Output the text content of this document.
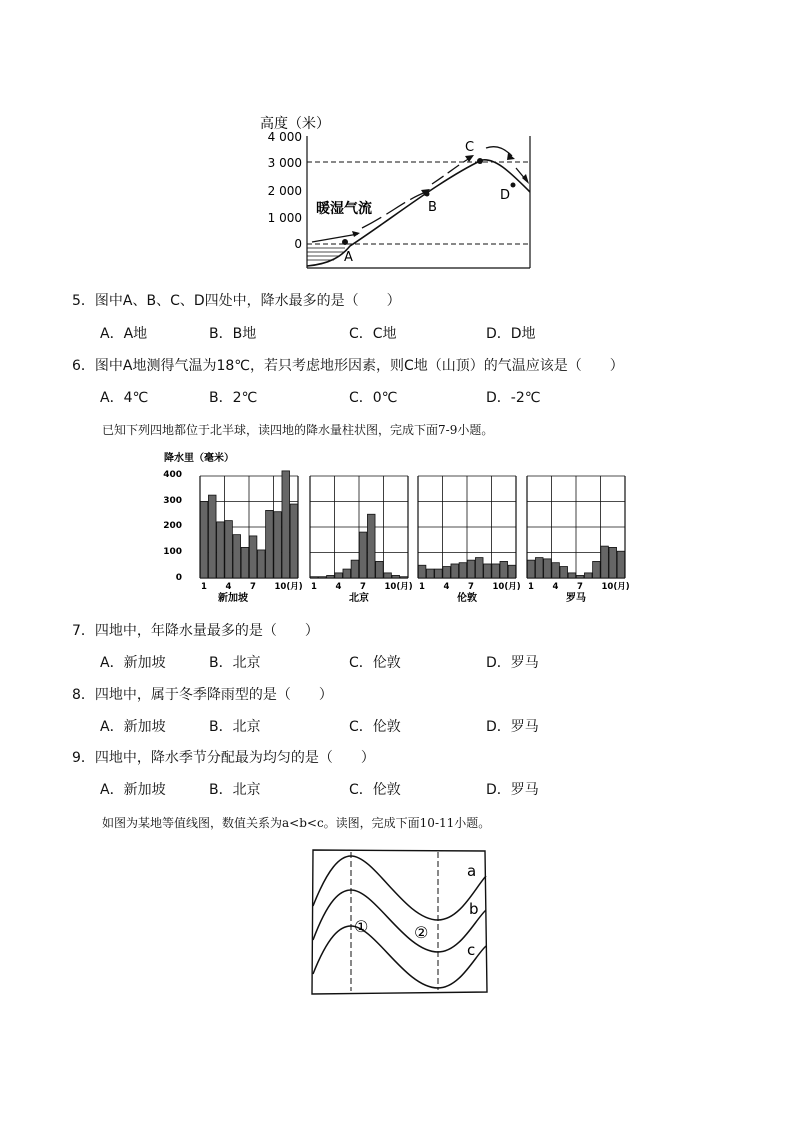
高度（米）
4 000
3 000
2 000
1 000
0
暖湿气流
A
B
C
D
5．图中A、B、C、D四处中，降水最多的是（　　）
A．A地	B．B地	C．C地	D．D地
6．图中A地测得气温为18℃，若只考虑地形因素，则C地（山顶）的气温应该是（　　）
A．4℃	B．2℃	C．0℃	D．-2℃
已知下列四地都位于北半球，读四地的降水量柱状图，完成下面7-9小题。
降水里（毫米）
400
300
200
100
0
1 4 7 10(月)
新加坡
1 4 7 10(月)
北京
1 4 7 10(月)
伦敦
1 4 7 10(月)
罗马
7．四地中，年降水量最多的是（　　）
A．新加坡	B．北京	C．伦敦	D．罗马
8．四地中，属于冬季降雨型的是（　　）
A．新加坡	B．北京	C．伦敦	D．罗马
9．四地中，降水季节分配最为均匀的是（　　）
A．新加坡	B．北京	C．伦敦	D．罗马
如图为某地等值线图，数值关系为a<b<c。读图，完成下面10-11小题。
a
b
c
①	②
